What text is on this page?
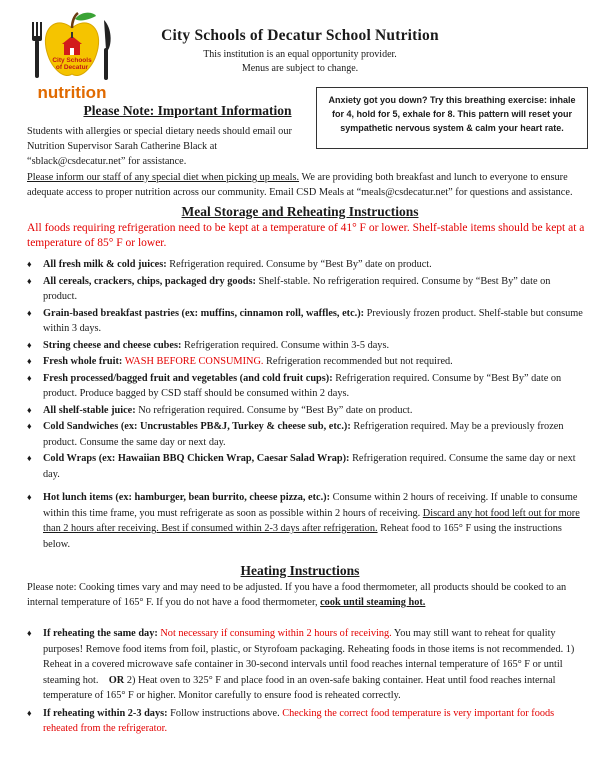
City Schools
of Decatur
nutrition
City Schools of Decatur School Nutrition
This institution is an equal opportunity provider.
Menus are subject to change.
Anxiety got you down? Try this breathing exercise: inhale for 4, hold for 5, exhale for 8. This pattern will reset your sympathetic nervous system & calm your heart rate.
Please Note: Important Information
Students with allergies or special dietary needs should email our Nutrition Supervisor Sarah Catherine Black at “sblack@csdecatur.net” for assistance.
Please inform our staff of any special diet when picking up meals. We are providing both breakfast and lunch to everyone to ensure adequate access to proper nutrition across our community. Email CSD Meals at “meals@csdecatur.net” for questions and assistance.
Meal Storage and Reheating Instructions
All foods requiring refrigeration need to be kept at a temperature of 41° F or lower. Shelf-stable items should be kept at a temperature of 85° F or lower.
♦ All fresh milk & cold juices: Refrigeration required. Consume by “Best By” date on product.
♦ All cereals, crackers, chips, packaged dry goods: Shelf-stable. No refrigeration required. Consume by “Best By” date on product.
♦ Grain-based breakfast pastries (ex: muffins, cinnamon roll, waffles, etc.): Previously frozen product. Shelf-stable but consume within 3 days.
♦ String cheese and cheese cubes: Refrigeration required. Consume within 3-5 days.
♦ Fresh whole fruit: WASH BEFORE CONSUMING. Refrigeration recommended but not required.
♦ Fresh processed/bagged fruit and vegetables (and cold fruit cups): Refrigeration required. Consume by “Best By” date on product. Produce bagged by CSD staff should be consumed within 2 days.
♦ All shelf-stable juice: No refrigeration required. Consume by “Best By” date on product.
♦ Cold Sandwiches (ex: Uncrustables PB&J, Turkey & cheese sub, etc.): Refrigeration required. May be a previously frozen product. Consume the same day or next day.
♦ Cold Wraps (ex: Hawaiian BBQ Chicken Wrap, Caesar Salad Wrap): Refrigeration required. Consume the same day or next day.
♦ Hot lunch items (ex: hamburger, bean burrito, cheese pizza, etc.): Consume within 2 hours of receiving. If unable to consume within this time frame, you must refrigerate as soon as possible within 2 hours of receiving. Discard any hot food left out for more than 2 hours after receiving. Best if consumed within 2-3 days after refrigeration. Reheat food to 165° F using the instructions below.
Heating Instructions
Please note: Cooking times vary and may need to be adjusted. If you have a food thermometer, all products should be cooked to an internal temperature of 165° F. If you do not have a food thermometer, cook until steaming hot.
♦ If reheating the same day: Not necessary if consuming within 2 hours of receiving. You may still want to reheat for quality purposes! Remove food items from foil, plastic, or Styrofoam packaging. Reheating foods in those items is not recommended. 1) Reheat in a covered microwave safe container in 30-second intervals until food reaches internal temperature of 165° F or until steaming hot. OR 2) Heat oven to 325° F and place food in an oven-safe baking container. Heat until food reaches internal temperature of 165° F or higher. Monitor carefully to ensure food is reheated correctly.
♦ If reheating within 2-3 days: Follow instructions above. Checking the correct food temperature is very important for foods reheated from the refrigerator.
